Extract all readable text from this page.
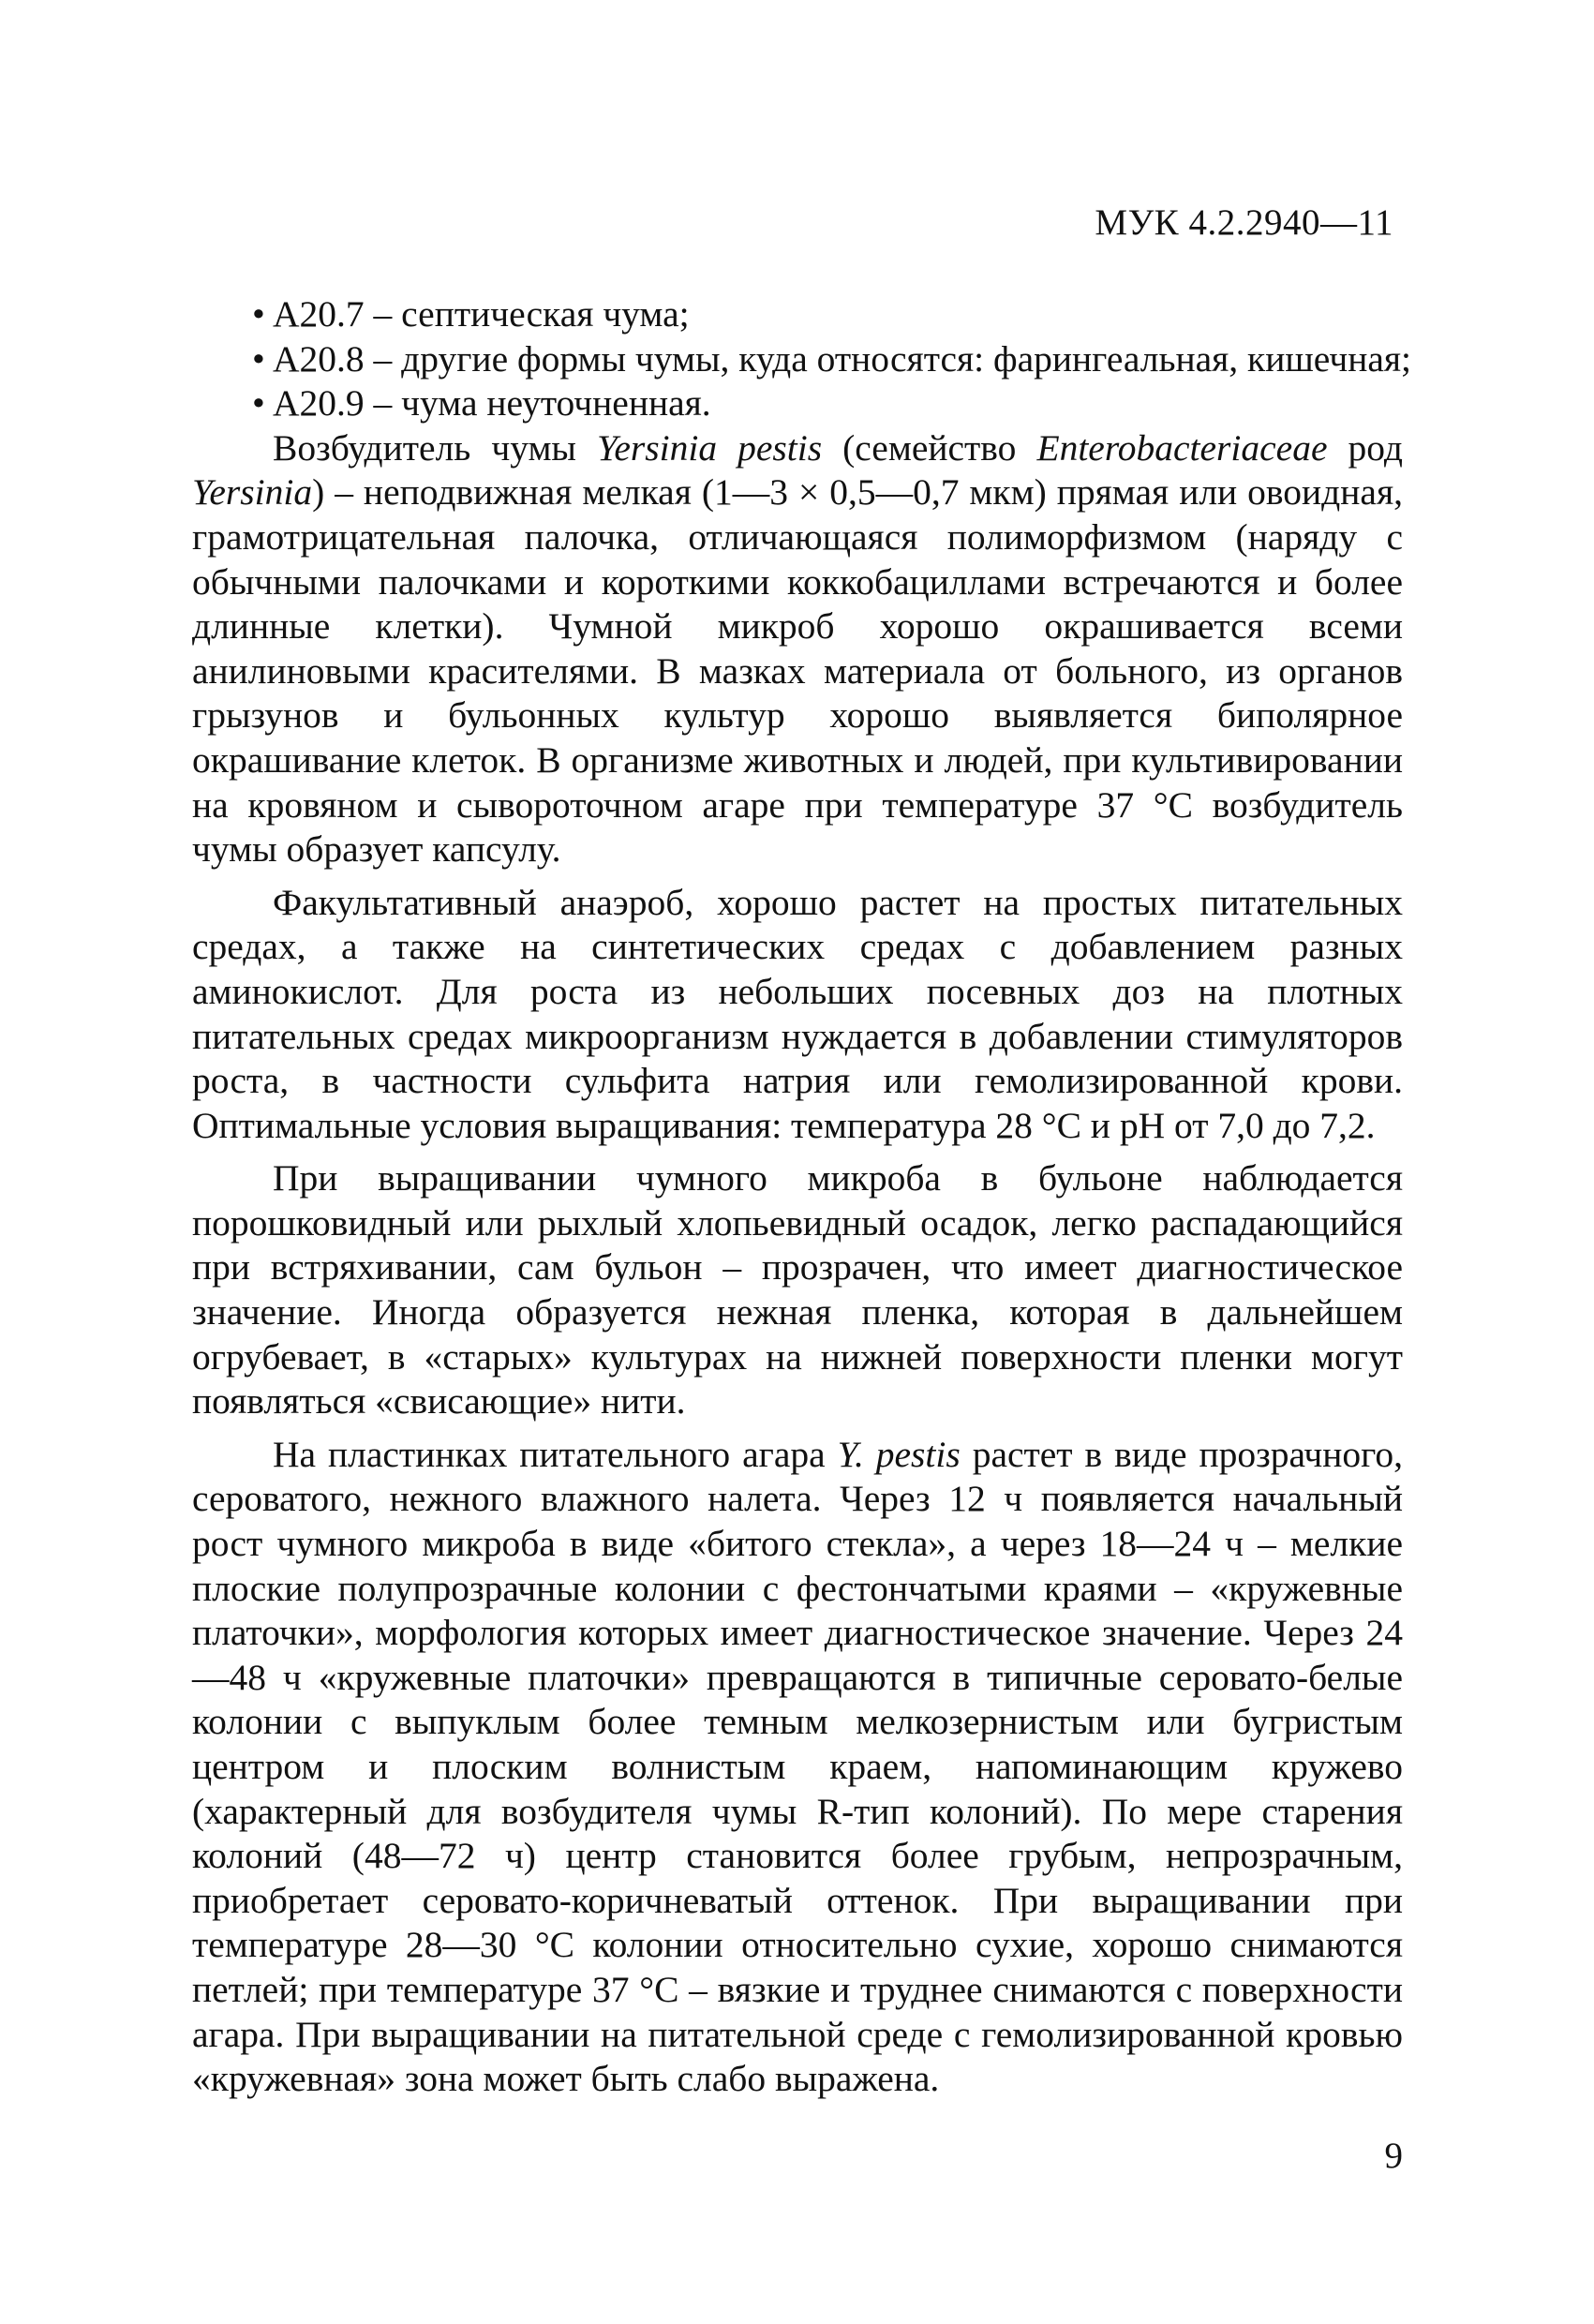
МУК 4.2.2940—11
• А20.7 – септическая чума;
• А20.8 – другие формы чумы, куда относятся: фарингеальная, кишечная;
• А20.9 – чума неуточненная.

Возбудитель чумы Yersinia pestis (семейство Enterobacteriaceae род Yersinia) – неподвижная мелкая (1—3 × 0,5—0,7 мкм) прямая или овоидная, грамотрицательная палочка, отличающаяся полиморфизмом (наряду с обычными палочками и короткими коккобациллами встречаются и более длинные клетки). Чумной микроб хорошо окрашивается всеми анилиновыми красителями. В мазках материала от больного, из органов грызунов и бульонных культур хорошо выявляется биполярное окрашивание клеток. В организме животных и людей, при культивировании на кровяном и сывороточном агаре при температуре 37 °С возбудитель чумы образует капсулу.

Факультативный анаэроб, хорошо растет на простых питательных средах, а также на синтетических средах с добавлением разных аминокислот. Для роста из небольших посевных доз на плотных питательных средах микроорганизм нуждается в добавлении стимуляторов роста, в частности сульфита натрия или гемолизированной крови. Оптимальные условия выращивания: температура 28 °С и рН от 7,0 до 7,2.

При выращивании чумного микроба в бульоне наблюдается порошковидный или рыхлый хлопьевидный осадок, легко распадающийся при встряхивании, сам бульон – прозрачен, что имеет диагностическое значение. Иногда образуется нежная пленка, которая в дальнейшем огрубевает, в «старых» культурах на нижней поверхности пленки могут появляться «свисающие» нити.

На пластинках питательного агара Y. pestis растет в виде прозрачного, сероватого, нежного влажного налета. Через 12 ч появляется начальный рост чумного микроба в виде «битого стекла», а через 18—24 ч – мелкие плоские полупрозрачные колонии с фестончатыми краями – «кружевные платочки», морфология которых имеет диагностическое значение. Через 24—48 ч «кружевные платочки» превращаются в типичные серовато-белые колонии с выпуклым более темным мелкозернистым или бугристым центром и плоским волнистым краем, напоминающим кружево (характерный для возбудителя чумы R-тип колоний). По мере старения колоний (48—72 ч) центр становится более грубым, непрозрачным, приобретает серовато-коричневатый оттенок. При выращивании при температуре 28—30 °С колонии относительно сухие, хорошо снимаются петлей; при температуре 37 °С – вязкие и труднее снимаются с поверхности агара. При выращивании на питательной среде с гемолизированной кровью «кружевная» зона может быть слабо выражена.

9
